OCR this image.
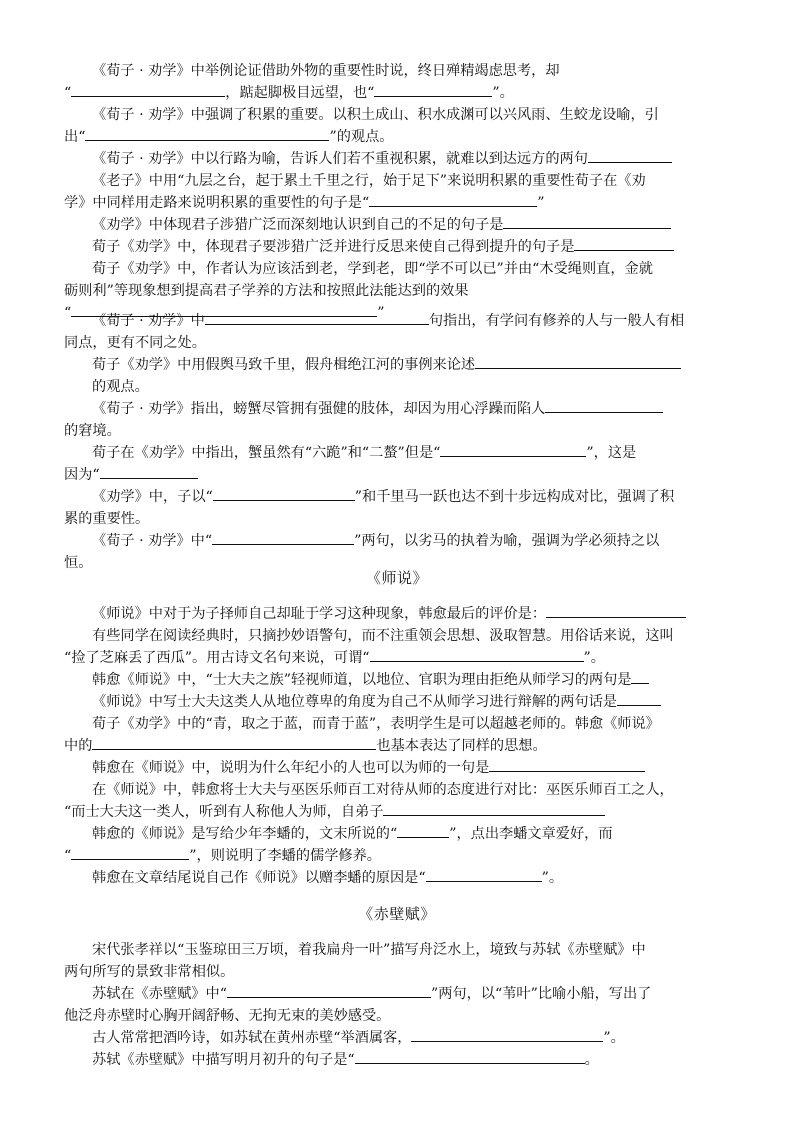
《荀子 · 劝学》中举例论证借助外物的重要性时说，终日殚精竭虑思考，却
“	，踮起脚极目远望，也“	”。
《荀子 · 劝学》中强调了积累的重要。以积土成山、积水成渊可以兴风雨、生蛟龙设喻，引
出“	”的观点。
《荀子 · 劝学》中以行路为喻，告诉人们若不重视积累，就难以到达远方的两句
《老子》中用“九层之台，起于累土千里之行，始于足下”来说明积累的重要性荀子在《劝
学》中同样用走路来说明积累的重要性的句子是“	”
《劝学》中体现君子涉猎广泛而深刻地认识到自己的不足的句子是
荀子《劝学》中，体现君子要涉猎广泛并进行反思来使自己得到提升的句子是
荀子《劝学》中，作者认为应该活到老，学到老，即“学不可以已”并由“木受绳则直，金就
砺则利”等现象想到提高君子学养的方法和按照此法能达到的效果
“	”
《荀子 · 劝学》中	句指出，有学问有修养的人与一般人有相
同点，更有不同之处。
荀子《劝学》中用假舆马致千里，假舟楫绝江河的事例来论述
的观点。
《荀子 · 劝学》指出，螃蟹尽管拥有强健的肢体，却因为用心浮躁而陷人
的窘境。
荀子在《劝学》中指出，蟹虽然有“六跪”和“二螯”但是“	”，这是
因为“
《劝学》中，子以“	”和千里马一跃也达不到十步远构成对比，强调了积
累的重要性。
《荀子 · 劝学》中“	”两句，以劣马的执着为喻，强调为学必须持之以
恒。
《师说》
《师说》中对于为子择师自己却耻于学习这种现象，韩愈最后的评价是：
有些同学在阅读经典时，只摘抄妙语警句，而不注重领会思想、汲取智慧。用俗话来说，这叫
“捡了芝麻丢了西瓜”。用古诗文名句来说，可谓“	”。
韩愈《师说》中，“士大夫之族”轻视师道，以地位、官职为理由拒绝从师学习的两句是
《师说》中写士大夫这类人从地位尊卑的角度为自己不从师学习进行辩解的两句话是
荀子《劝学》中的“青，取之于蓝，而青于蓝”，表明学生是可以超越老师的。韩愈《师说》
中的	也基本表达了同样的思想。
韩愈在《师说》中，说明为什么年纪小的人也可以为师的一句是
在《师说》中，韩愈将士大夫与巫医乐师百工对待从师的态度进行对比：巫医乐师百工之人，
“而士大夫这一类人，听到有人称他人为师，自弟子
韩愈的《师说》是写给少年李蟠的，文末所说的“	”，点出李蟠文章爱好，而
“	”，则说明了李蟠的儒学修养。
韩愈在文章结尾说自己作《师说》以赠李蟠的原因是“	”。
《赤壁赋》
宋代张孝祥以“玉鉴琼田三万顷，着我扁舟一叶”描写舟泛水上，境致与苏轼《赤壁赋》中
两句所写的景致非常相似。
苏轼在《赤壁赋》中“	”两句，以“苇叶”比喻小船，写出了
他泛舟赤壁时心胸开阔舒畅、无拘无束的美妙感受。
古人常常把酒吟诗，如苏轼在黄州赤壁“举酒属客，	”。
苏轼《赤壁赋》中描写明月初升的句子是“	。
